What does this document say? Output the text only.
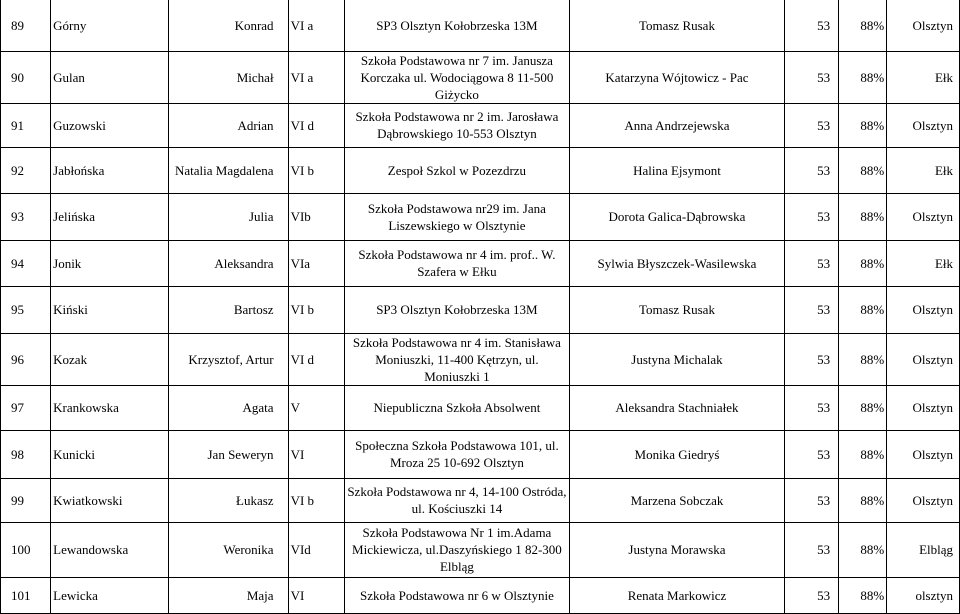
89	Górny	Konrad	VI a	SP3 Olsztyn Kołobrzeska 13M	Tomasz Rusak	53	88%	Olsztyn
90	Gulan	Michał	VI a	Szkoła Podstawowa nr 7 im. Janusza Korczaka ul. Wodociągowa 8 11-500 Giżycko	Katarzyna Wójtowicz - Pac	53	88%	Ełk
91	Guzowski	Adrian	VI d	Szkoła Podstawowa nr 2 im. Jarosława Dąbrowskiego 10-553 Olsztyn	Anna Andrzejewska	53	88%	Olsztyn
92	Jabłońska	Natalia Magdalena	VI b	Zespoł Szkol w Pozezdrzu	Halina Ejsymont	53	88%	Ełk
93	Jelińska	Julia	VIb	Szkoła Podstawowa nr29 im. Jana Liszewskiego w Olsztynie	Dorota Galica-Dąbrowska	53	88%	Olsztyn
94	Jonik	Aleksandra	VIa	Szkoła Podstawowa nr 4 im. prof.. W. Szafera w Ełku	Sylwia Błyszczek-Wasilewska	53	88%	Ełk
95	Kiński	Bartosz	VI b	SP3 Olsztyn Kołobrzeska 13M	Tomasz Rusak	53	88%	Olsztyn
96	Kozak	Krzysztof, Artur	VI d	Szkoła Podstawowa nr 4 im. Stanisława Moniuszki, 11-400 Kętrzyn, ul. Moniuszki 1	Justyna Michalak	53	88%	Olsztyn
97	Krankowska	Agata	V	Niepubliczna Szkoła Absolwent	Aleksandra Stachniałek	53	88%	Olsztyn
98	Kunicki	Jan Seweryn	VI	Społeczna Szkoła Podstawowa 101, ul. Mroza 25 10-692 Olsztyn	Monika Giedryś	53	88%	Olsztyn
99	Kwiatkowski	Łukasz	VI b	Szkoła Podstawowa nr 4, 14-100 Ostróda, ul. Kościuszki 14	Marzena Sobczak	53	88%	Olsztyn
100	Lewandowska	Weronika	VId	Szkoła Podstawowa Nr 1 im.Adama Mickiewicza, ul.Daszyńskiego 1 82-300 Elbląg	Justyna Morawska	53	88%	Elbląg
101	Lewicka	Maja	VI	Szkoła Podstawowa nr 6 w Olsztynie	Renata Markowicz	53	88%	olsztyn
